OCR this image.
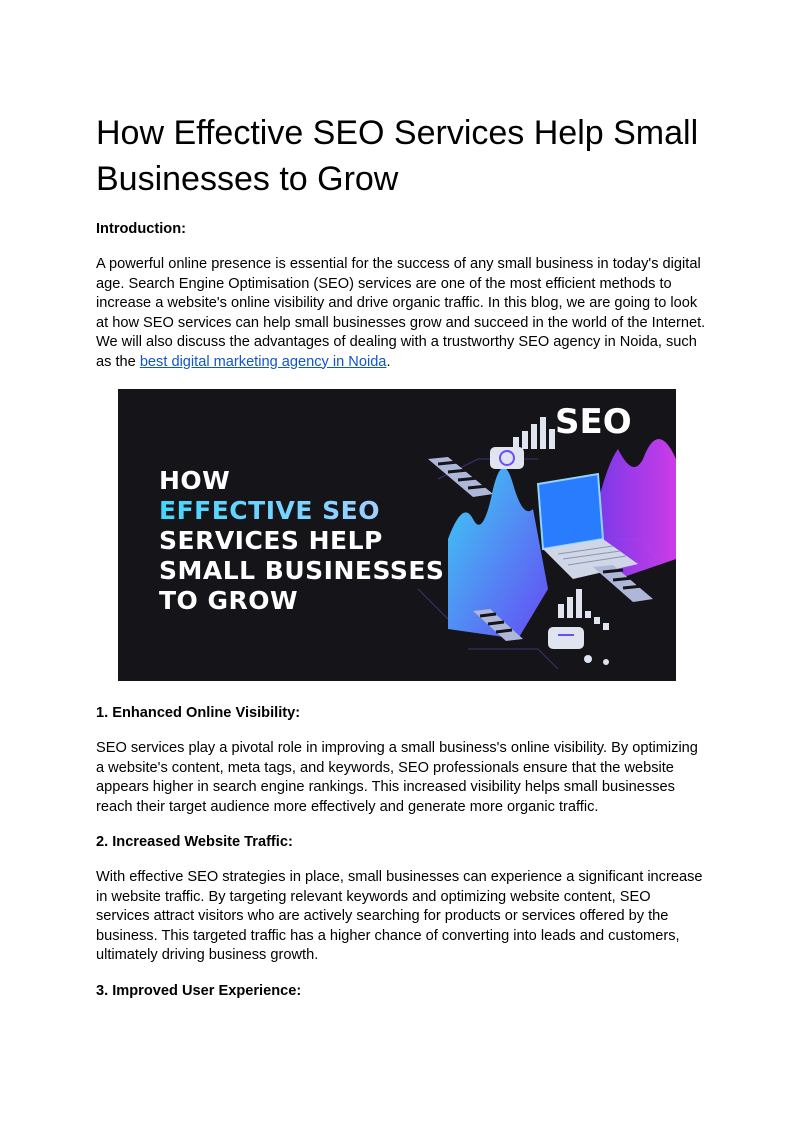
How Effective SEO Services Help Small Businesses to Grow
Introduction:

A powerful online presence is essential for the success of any small business in today's digital age. Search Engine Optimisation (SEO) services are one of the most efficient methods to increase a website's online visibility and drive organic traffic. In this blog, we are going to look at how SEO services can help small businesses grow and succeed in the world of the Internet. We will also discuss the advantages of dealing with a trustworthy SEO agency in Noida, such as the best digital marketing agency in Noida.

SEO
HOW
EFFECTIVE SEO
SERVICES HELP
SMALL BUSINESSES
TO GROW
1. Enhanced Online Visibility:

SEO services play a pivotal role in improving a small business's online visibility. By optimizing a website's content, meta tags, and keywords, SEO professionals ensure that the website appears higher in search engine rankings. This increased visibility helps small businesses reach their target audience more effectively and generate more organic traffic.

2. Increased Website Traffic:

With effective SEO strategies in place, small businesses can experience a significant increase in website traffic. By targeting relevant keywords and optimizing website content, SEO services attract visitors who are actively searching for products or services offered by the business. This targeted traffic has a higher chance of converting into leads and customers, ultimately driving business growth.

3. Improved User Experience:
